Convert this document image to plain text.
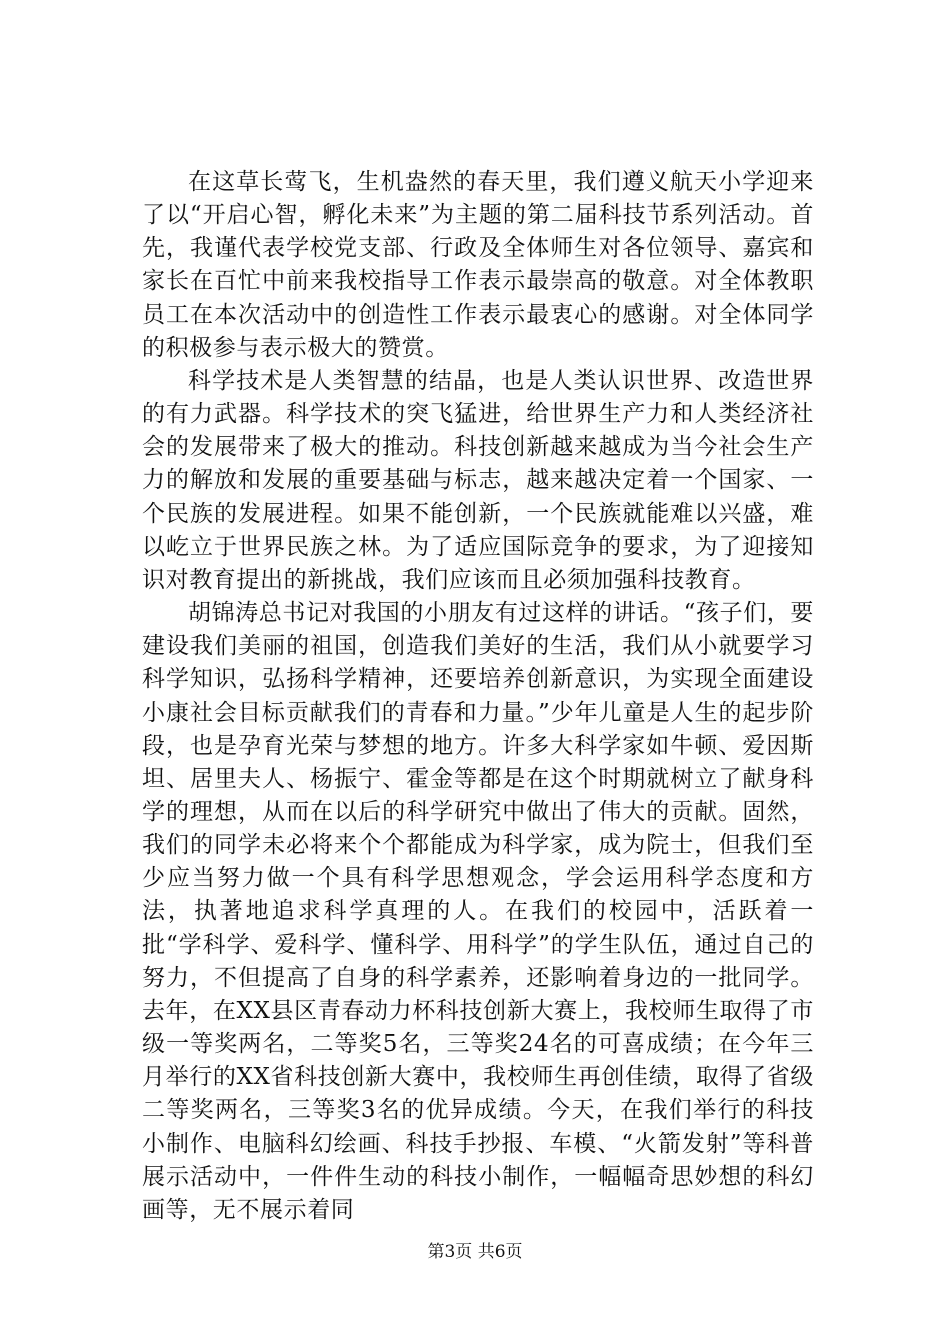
在这草长莺飞，生机盎然的春天里，我们遵义航天小学迎来了以“开启心智，孵化未来”为主题的第二届科技节系列活动。首先，我谨代表学校党支部、行政及全体师生对各位领导、嘉宾和家长在百忙中前来我校指导工作表示最崇高的敬意。对全体教职员工在本次活动中的创造性工作表示最衷心的感谢。对全体同学的积极参与表示极大的赞赏。

科学技术是人类智慧的结晶，也是人类认识世界、改造世界的有力武器。科学技术的突飞猛进，给世界生产力和人类经济社会的发展带来了极大的推动。科技创新越来越成为当今社会生产力的解放和发展的重要基础与标志，越来越决定着一个国家、一个民族的发展进程。如果不能创新，一个民族就能难以兴盛，难以屹立于世界民族之林。为了适应国际竞争的要求，为了迎接知识对教育提出的新挑战，我们应该而且必须加强科技教育。

胡锦涛总书记对我国的小朋友有过这样的讲话。“孩子们，要建设我们美丽的祖国，创造我们美好的生活，我们从小就要学习科学知识，弘扬科学精神，还要培养创新意识，为实现全面建设小康社会目标贡献我们的青春和力量。”少年儿童是人生的起步阶段，也是孕育光荣与梦想的地方。许多大科学家如牛顿、爱因斯坦、居里夫人、杨振宁、霍金等都是在这个时期就树立了献身科学的理想，从而在以后的科学研究中做出了伟大的贡献。固然，我们的同学未必将来个个都能成为科学家，成为院士，但我们至少应当努力做一个具有科学思想观念，学会运用科学态度和方法，执著地追求科学真理的人。在我们的校园中，活跃着一批“学科学、爱科学、懂科学、用科学”的学生队伍，通过自己的努力，不但提高了自身的科学素养，还影响着身边的一批同学。去年，在XX县区青春动力杯科技创新大赛上，我校师生取得了市级一等奖两名，二等奖5名，三等奖24名的可喜成绩；在今年三月举行的XX省科技创新大赛中，我校师生再创佳绩，取得了省级二等奖两名，三等奖3名的优异成绩。今天，在我们举行的科技小制作、电脑科幻绘画、科技手抄报、车模、“火箭发射”等科普展示活动中，一件件生动的科技小制作，一幅幅奇思妙想的科幻画等，无不展示着同

第3页 共6页
